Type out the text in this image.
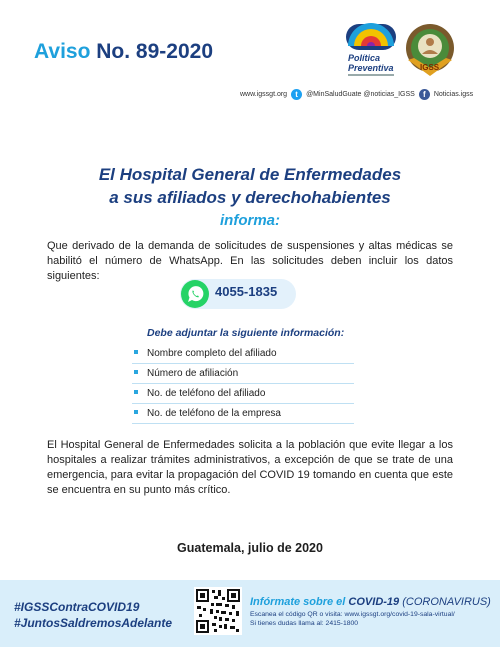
Aviso No. 89-2020	Política
Preventiva	IGSS
www.igssgt.org	t	@MinSaludGuate @noticias_IGSS	f	Noticias.igss
El Hospital General de Enfermedades
a sus afiliados y derechohabientes
informa:
Que derivado de la demanda de solicitudes de suspensiones y altas médicas se habilitó el número de WhatsApp. En las solicitudes deben incluir los datos siguientes:
4055-1835
Debe adjuntar la siguiente información:
Nombre completo del afiliado
Número de afiliación
No. de teléfono del afiliado
No. de teléfono de la empresa
El Hospital General de Enfermedades solicita a la población que evite llegar a los hospitales a realizar trámites administrativos, a excepción de que se trate de una emergencia, para evitar la propagación del COVID 19 tomando en cuenta que este se encuentra en su punto más crítico.
Guatemala, julio de 2020
#IGSSContraCOVID19
#JuntosSaldremosAdelante
Infórmate sobre el COVID-19 (CORONAVIRUS)
Escanea el código QR o visita: www.igssgt.org/covid-19-sala-virtual/
Si tienes dudas llama al: 2415-1800
